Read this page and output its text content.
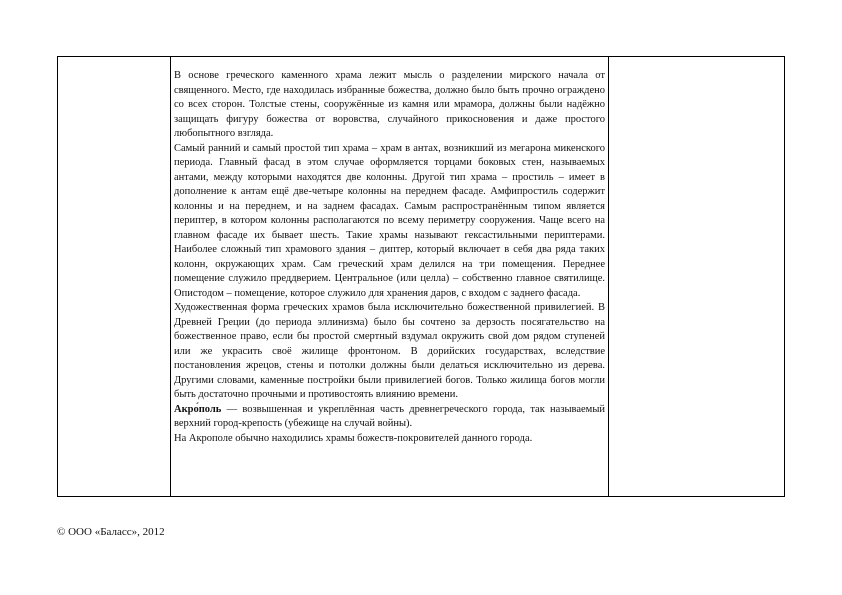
В основе греческого каменного храма лежит мысль о разделении мирского начала от священного. Место, где находилась избранные божества, должно было быть прочно ограждено со всех сторон. Толстые стены, сооружённые из камня или мрамора, должны были надёжно защищать фигуру божества от воровства, случайного прикосновения и даже простого любопытного взгляда.

Самый ранний и самый простой тип храма – храм в антах, возникший из мегарона микенского периода. Главный фасад в этом случае оформляется торцами боковых стен, называемых антами, между которыми находятся две колонны. Другой тип храма – простиль – имеет в дополнение к антам ещё две-четыре колонны на переднем фасаде. Амфипростиль содержит колонны и на переднем, и на заднем фасадах. Самым распространённым типом является периптер, в котором колонны располагаются по всему периметру сооружения. Чаще всего на главном фасаде их бывает шесть. Такие храмы называют гексастильными периптерами. Наиболее сложный тип храмового здания – диптер, который включает в себя два ряда таких колонн, окружающих храм. Сам греческий храм делился на три помещения. Переднее помещение служило преддверием. Центральное (или целла) – собственно главное святилище. Опистодом – помещение, которое служило для хранения даров, с входом с заднего фасада.

Художественная форма греческих храмов была исключительно божественной привилегией. В Древней Греции (до периода эллинизма) было бы сочтено за дерзость посягательство на божественное право, если бы простой смертный вздумал окружить свой дом рядом ступеней или же украсить своё жилище фронтоном. В дорийских государствах, вследствие постановления жрецов, стены и потолки должны были делаться исключительно из дерева. Другими словами, каменные постройки были привилегией богов. Только жилища богов могли быть достаточно прочными и противостоять влиянию времени.

Акро́поль — возвышенная и укреплённая часть древнегреческого города, так называемый верхний город-крепость (убежище на случай войны).

На Акрополе обычно находились храмы божеств-покровителей данного города.

© ООО «Баласс», 2012
